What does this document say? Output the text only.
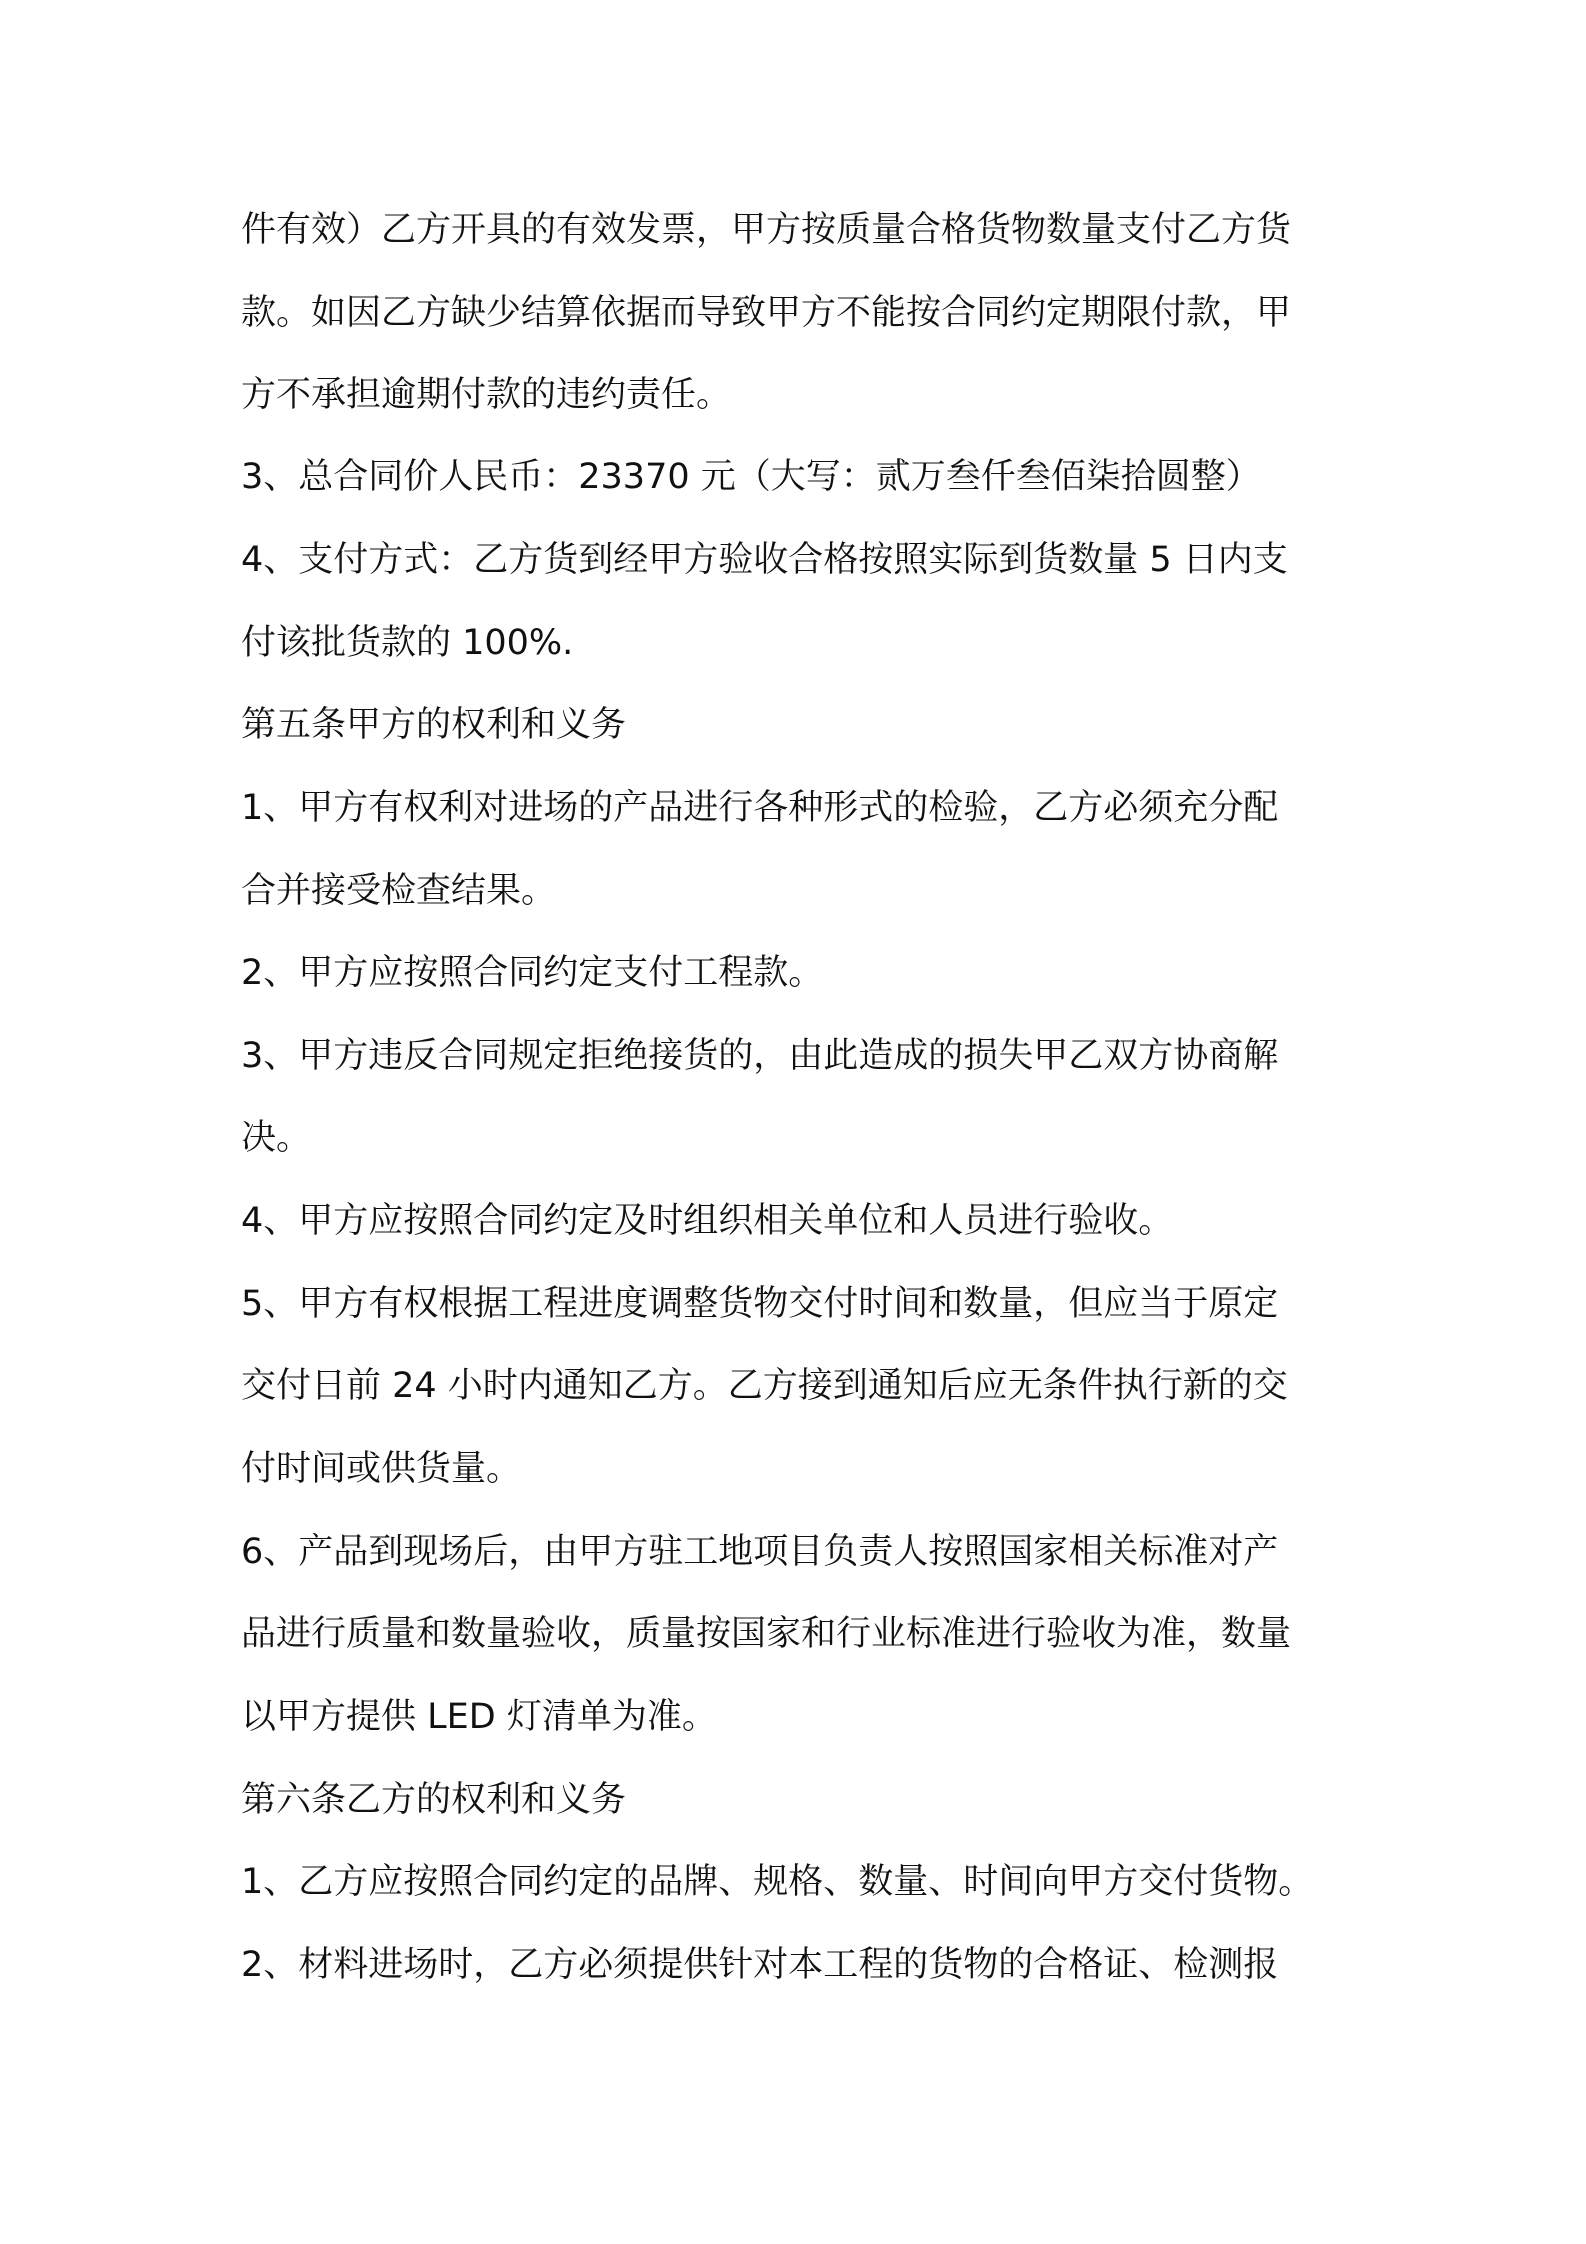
件有效）乙方开具的有效发票，甲方按质量合格货物数量支付乙方货
款。如因乙方缺少结算依据而导致甲方不能按合同约定期限付款，甲
方不承担逾期付款的违约责任。
3、总合同价人民币：23370 元（大写：贰万叁仟叁佰柒拾圆整）
4、支付方式：乙方货到经甲方验收合格按照实际到货数量 5 日内支
付该批货款的 100%.
第五条甲方的权利和义务
1、甲方有权利对进场的产品进行各种形式的检验，乙方必须充分配
合并接受检查结果。
2、甲方应按照合同约定支付工程款。
3、甲方违反合同规定拒绝接货的，由此造成的损失甲乙双方协商解
决。
4、甲方应按照合同约定及时组织相关单位和人员进行验收。
5、甲方有权根据工程进度调整货物交付时间和数量，但应当于原定
交付日前 24 小时内通知乙方。乙方接到通知后应无条件执行新的交
付时间或供货量。
6、产品到现场后，由甲方驻工地项目负责人按照国家相关标准对产
品进行质量和数量验收，质量按国家和行业标准进行验收为准，数量
以甲方提供 LED 灯清单为准。
第六条乙方的权利和义务
1、乙方应按照合同约定的品牌、规格、数量、时间向甲方交付货物。
2、材料进场时，乙方必须提供针对本工程的货物的合格证、检测报
